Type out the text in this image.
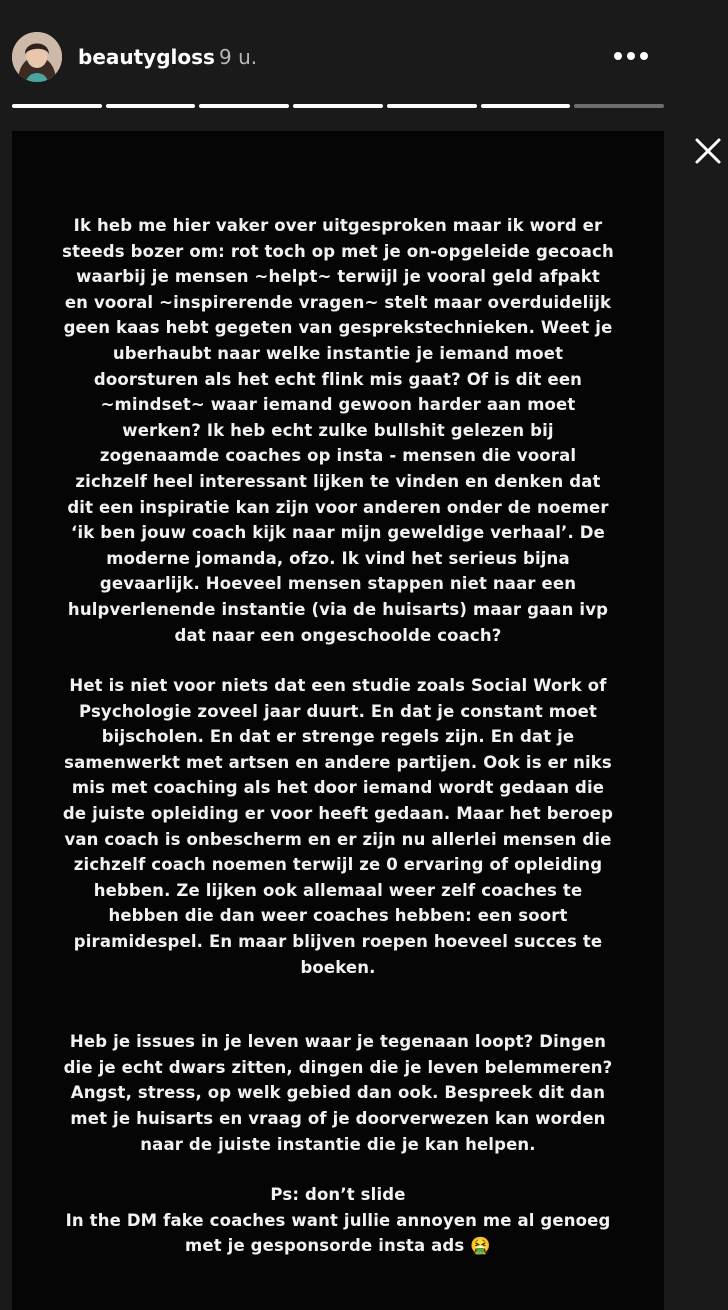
beautygloss 9 u.

Ik heb me hier vaker over uitgesproken maar ik word er steeds bozer om: rot toch op met je on-opgeleide gecoach waarbij je mensen ~helpt~ terwijl je vooral geld afpakt en vooral ~inspirerende vragen~ stelt maar overduidelijk geen kaas hebt gegeten van gesprekstechnieken. Weet je uberhaubt naar welke instantie je iemand moet doorsturen als het echt flink mis gaat? Of is dit een ~mindset~ waar iemand gewoon harder aan moet werken? Ik heb echt zulke bullshit gelezen bij zogenaamde coaches op insta - mensen die vooral zichzelf heel interessant lijken te vinden en denken dat dit een inspiratie kan zijn voor anderen onder de noemer ‘ik ben jouw coach kijk naar mijn geweldige verhaal’. De moderne jomanda, ofzo. Ik vind het serieus bijna gevaarlijk. Hoeveel mensen stappen niet naar een hulpverlenende instantie (via de huisarts) maar gaan ivp dat naar een ongeschoolde coach?

Het is niet voor niets dat een studie zoals Social Work of Psychologie zoveel jaar duurt. En dat je constant moet bijscholen. En dat er strenge regels zijn. En dat je samenwerkt met artsen en andere partijen. Ook is er niks mis met coaching als het door iemand wordt gedaan die de juiste opleiding er voor heeft gedaan. Maar het beroep van coach is onbescherm en er zijn nu allerlei mensen die zichzelf coach noemen terwijl ze 0 ervaring of opleiding hebben. Ze lijken ook allemaal weer zelf coaches te hebben die dan weer coaches hebben: een soort piramidespel. En maar blijven roepen hoeveel succes te boeken.

Heb je issues in je leven waar je tegenaan loopt? Dingen die je echt dwars zitten, dingen die je leven belemmeren? Angst, stress, op welk gebied dan ook. Bespreek dit dan met je huisarts en vraag of je doorverwezen kan worden naar de juiste instantie die je kan helpen.

Ps: don’t slide

In the DM fake coaches want jullie annoyen me al genoeg

met je gesponsorde insta ads 🤮
